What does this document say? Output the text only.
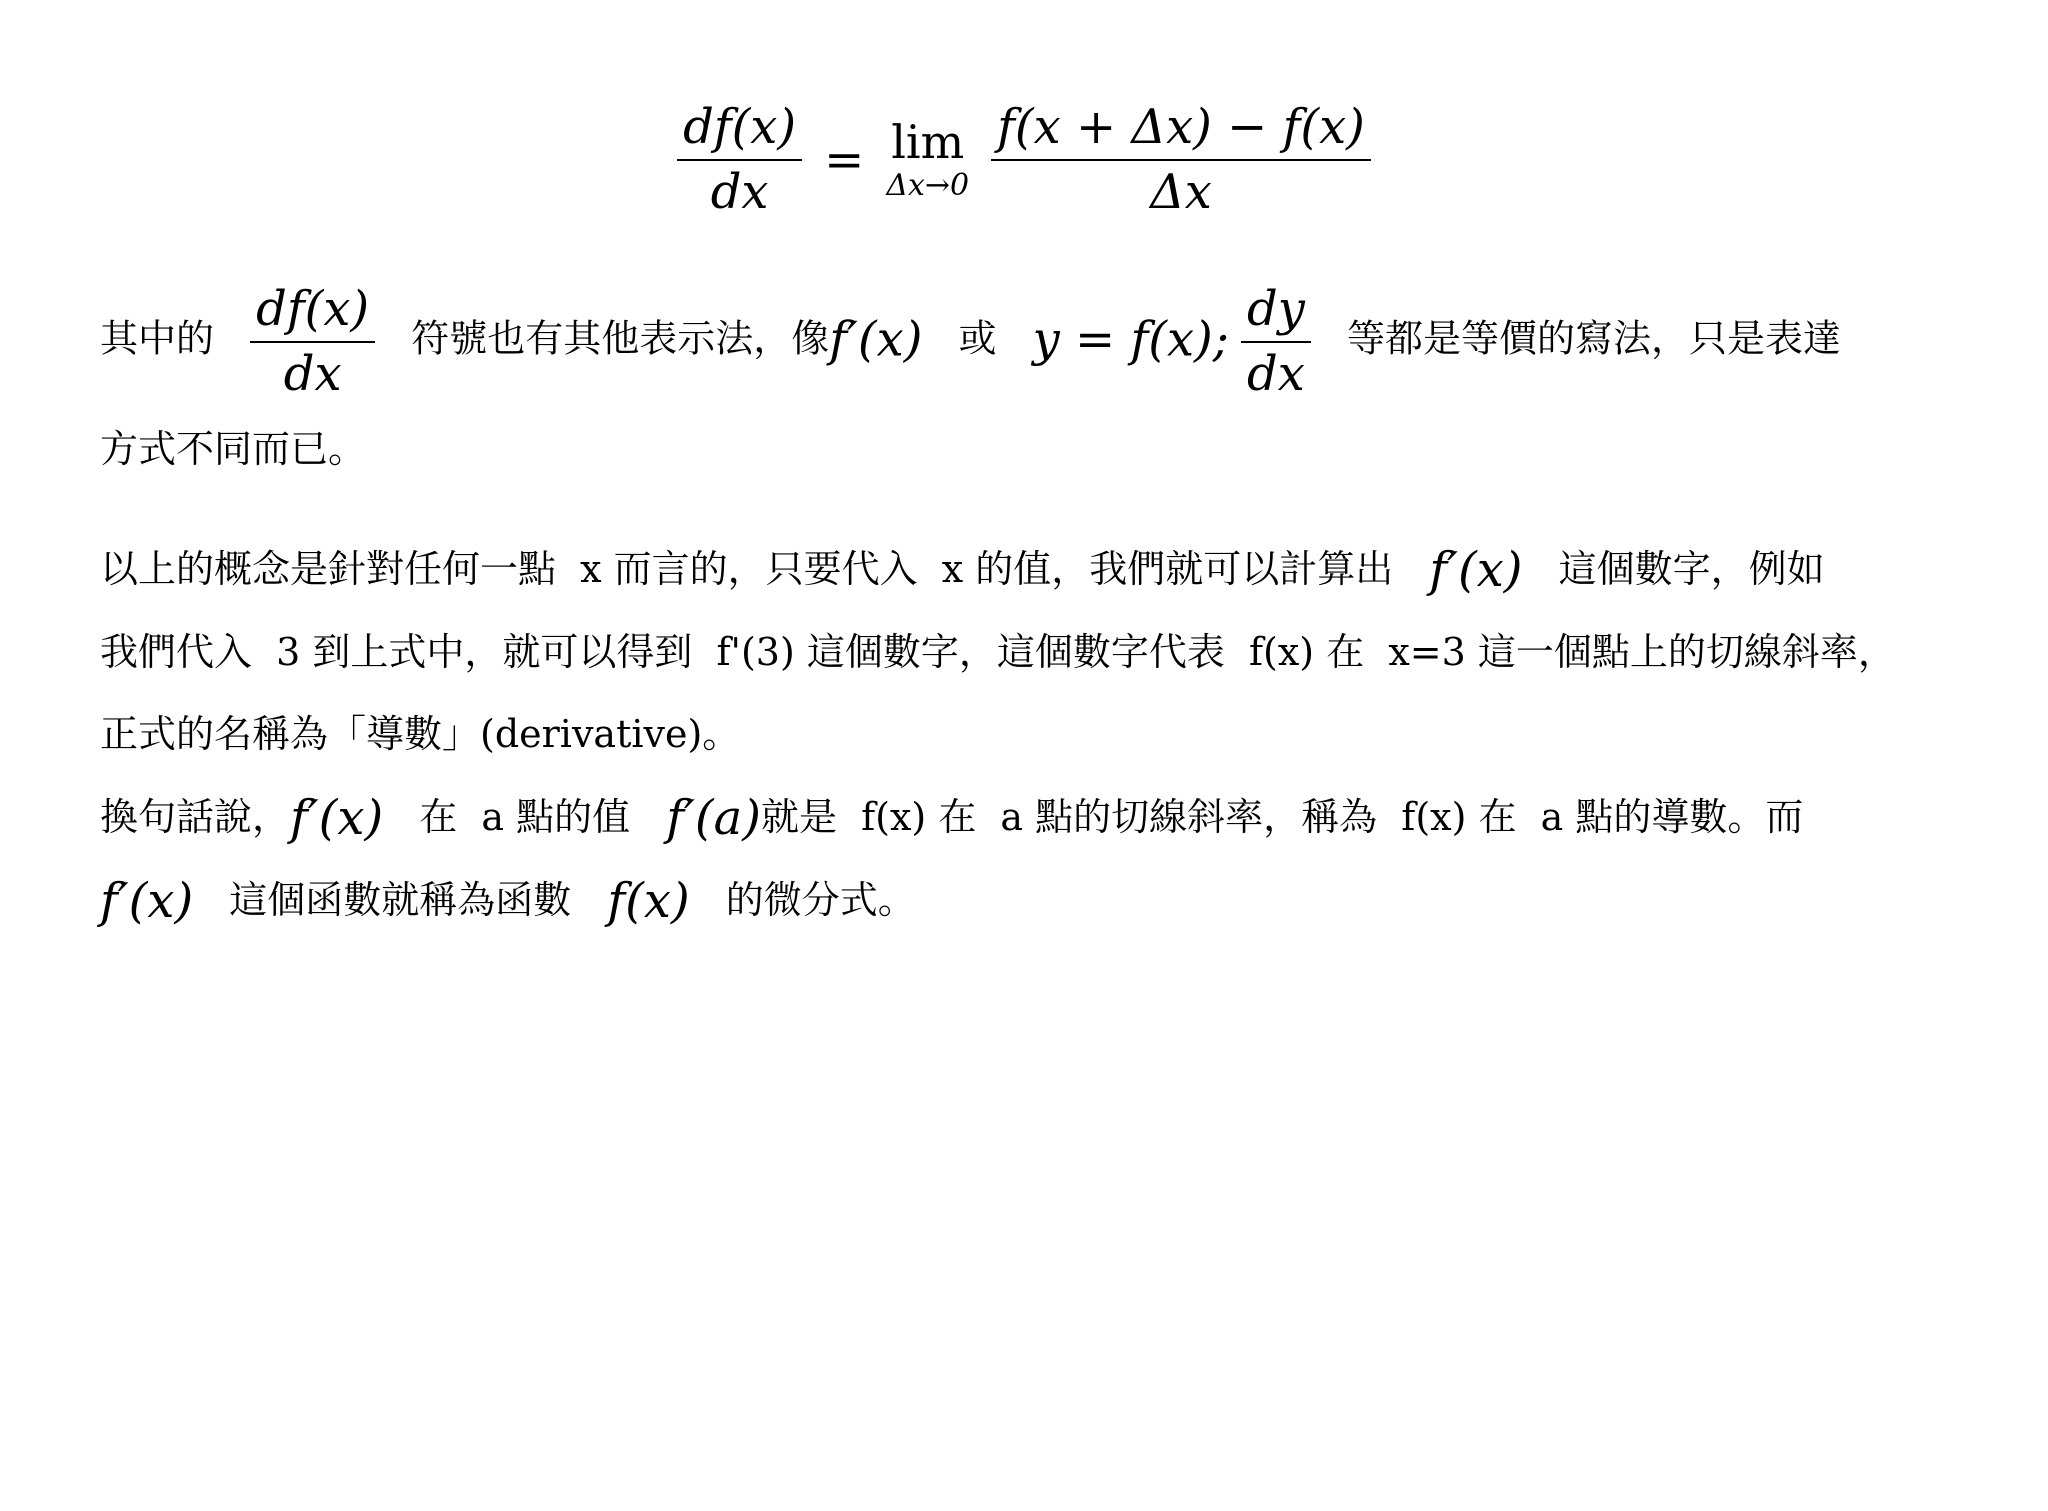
$\frac{df(x)}{dx} = \lim$
$\Delta x\to 0 \frac{f(x + \Delta x) - f(x)}{\Delta x}$
其中的 $\frac{df(x)}{dx}$ 符號也有其他表示法，像f′(x) 或 y = f(x); $\frac{dy}{dx}$ 等都是等價的寫法，只是表達
方式不同而已。
以上的概念是針對任何一點 x 而言的，只要代入 x 的值，我們就可以計算出 f′(x) 這個數字，例如
我們代入 3 到上式中，就可以得到 f'(3) 這個數字，這個數字代表 f(x) 在 x=3 這一個點上的切線斜率，
正式的名稱為「導數」(derivative)。
換句話說，f′(x) 在 a 點的值 f′(a)就是 f(x) 在 a 點的切線斜率，稱為 f(x) 在 a 點的導數。而
f′(x) 這個函數就稱為函數 f(x) 的微分式。
